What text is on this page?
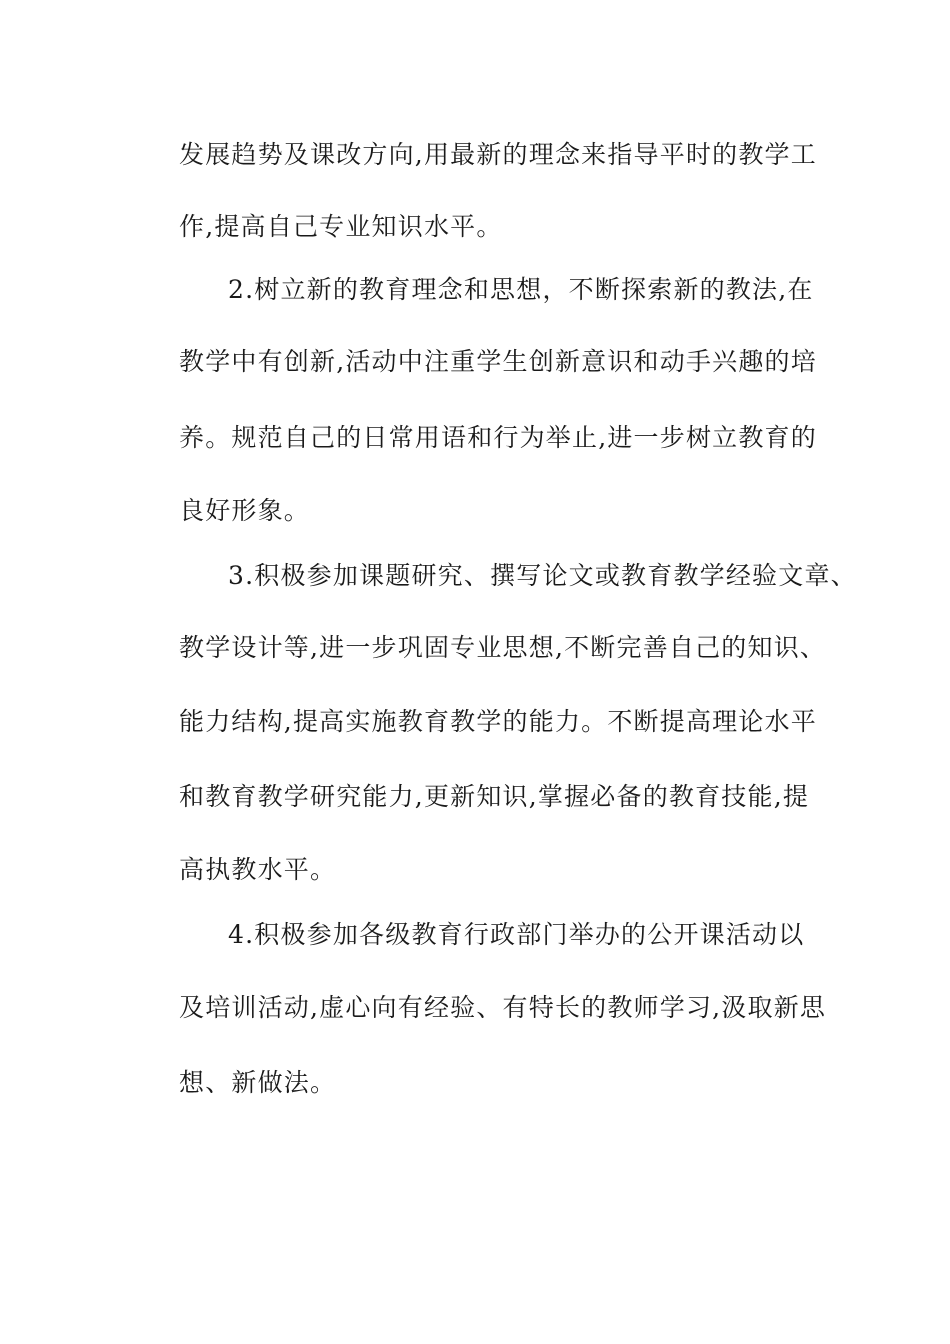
发展趋势及课改方向,用最新的理念来指导平时的教学工
作,提高自己专业知识水平。
2.树立新的教育理念和思想，不断探索新的教法,在
教学中有创新,活动中注重学生创新意识和动手兴趣的培
养。规范自己的日常用语和行为举止,进一步树立教育的
良好形象。
3.积极参加课题研究、撰写论文或教育教学经验文章、
教学设计等,进一步巩固专业思想,不断完善自己的知识、
能力结构,提高实施教育教学的能力。不断提高理论水平
和教育教学研究能力,更新知识,掌握必备的教育技能,提
高执教水平。
4.积极参加各级教育行政部门举办的公开课活动以
及培训活动,虚心向有经验、有特长的教师学习,汲取新思
想、新做法。
